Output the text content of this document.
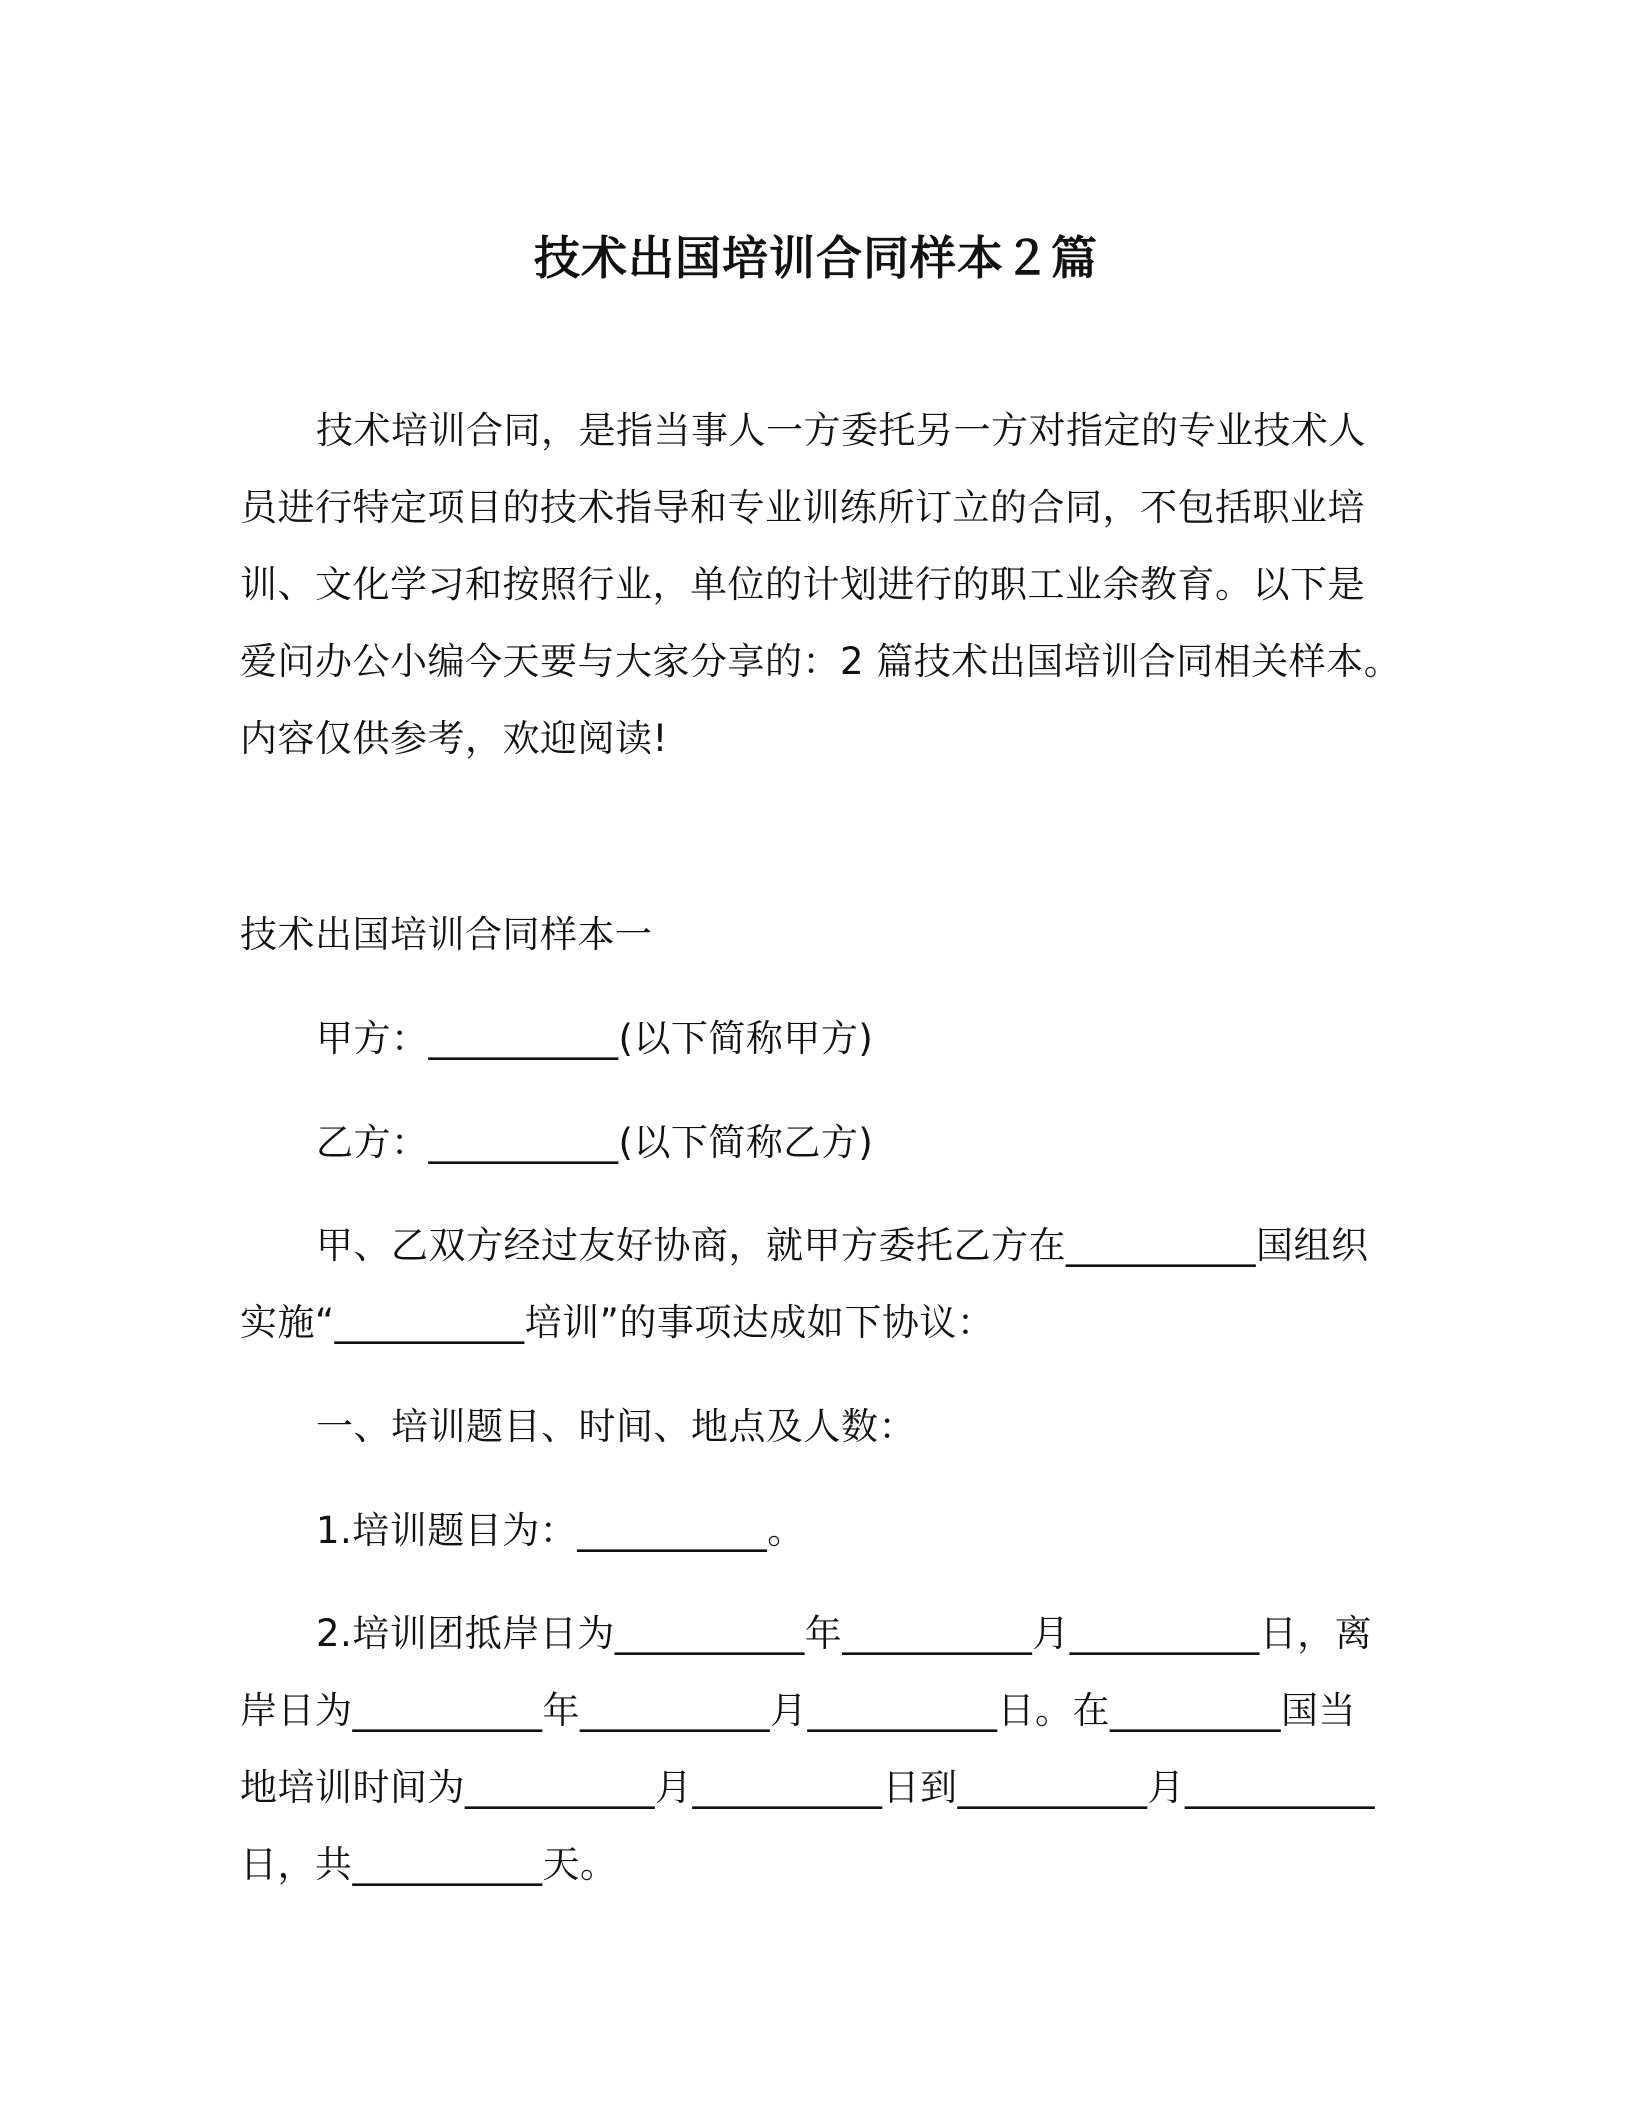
技术出国培训合同样本２篇
技术培训合同，是指当事人一方委托另一方对指定的专业技术人
员进行特定项目的技术指导和专业训练所订立的合同，不包括职业培
训、文化学习和按照行业，单位的计划进行的职工业余教育。以下是
爱问办公小编今天要与大家分享的：2 篇技术出国培训合同相关样本。
内容仅供参考，欢迎阅读!
技术出国培训合同样本一
甲方：__________(以下简称甲方)
乙方：__________(以下简称乙方)
甲、乙双方经过友好协商，就甲方委托乙方在__________国组织
实施“__________培训”的事项达成如下协议：
一、培训题目、时间、地点及人数：
1.培训题目为：__________。
2.培训团抵岸日为__________年__________月__________日，离
岸日为__________年__________月__________日。在_________国当
地培训时间为__________月__________日到__________月__________
日，共__________天。
